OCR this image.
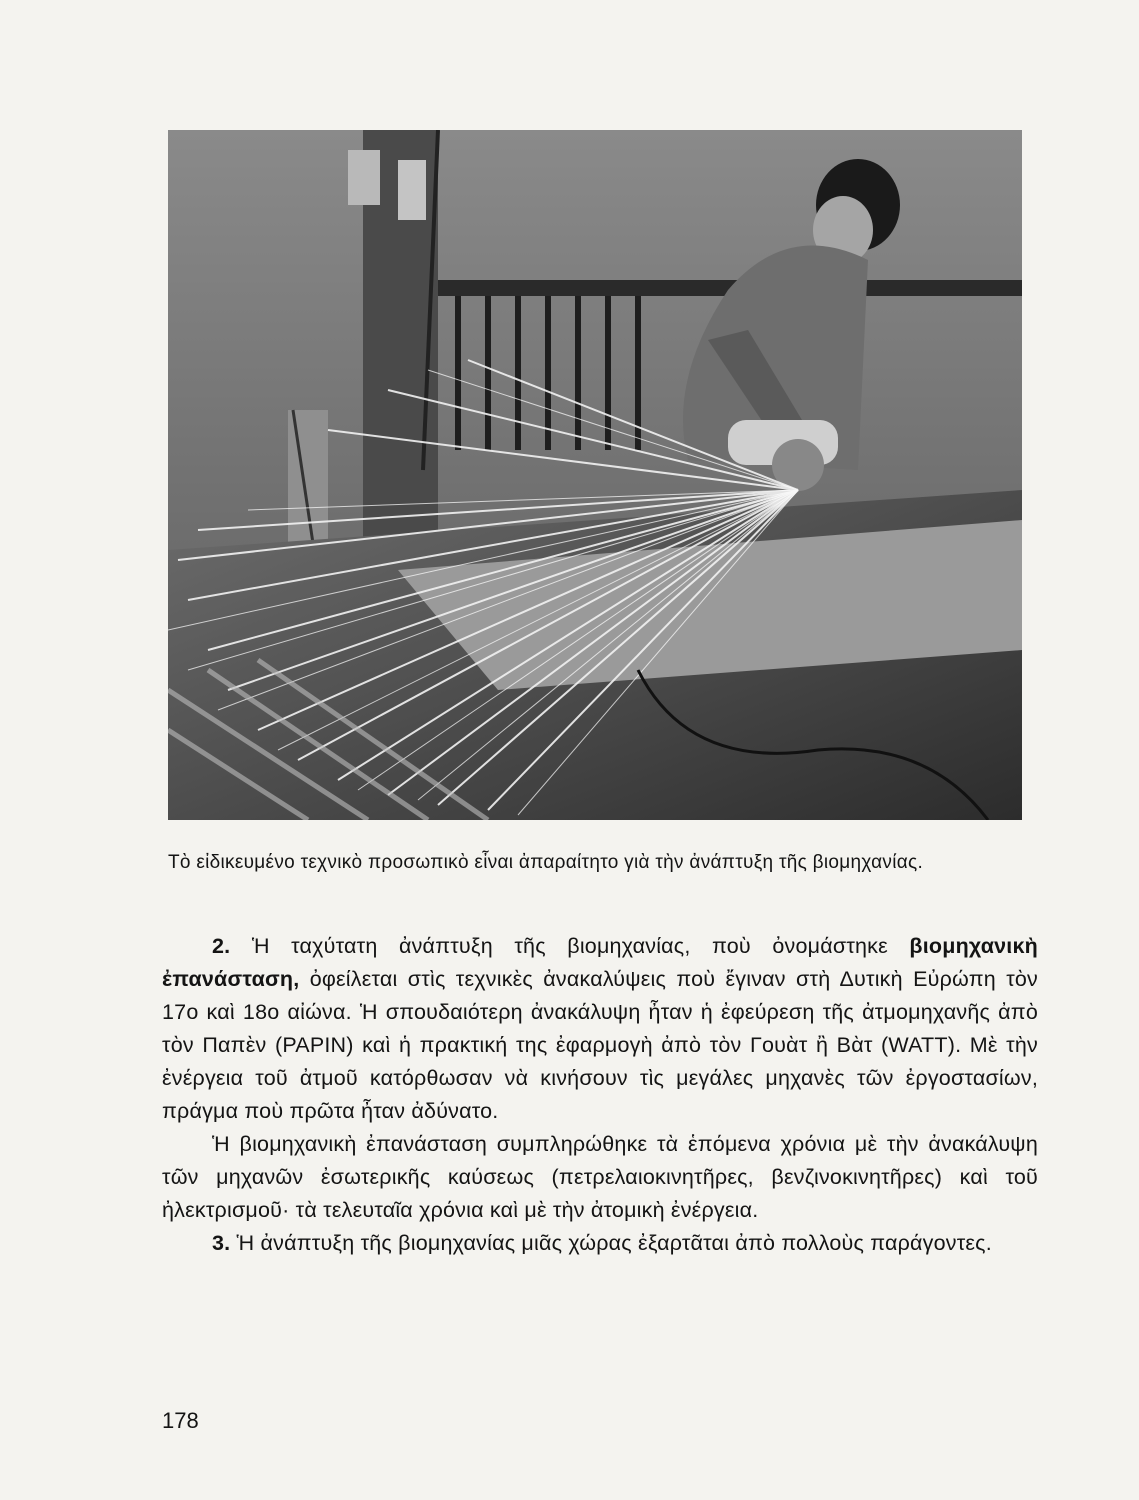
Τὸ εἰδικευμένο τεχνικὸ προσωπικὸ εἶναι ἀπαραίτητο γιὰ τὴν ἀνάπτυξη τῆς βιομηχανίας.

2. Ἡ ταχύτατη ἀνάπτυξη τῆς βιομηχανίας, ποὺ ὀνομάστηκε βιομηχανικὴ ἐπανάσταση, ὀφείλεται στὶς τεχνικὲς ἀνακαλύψεις ποὺ ἔγιναν στὴ Δυτικὴ Εὐρώπη τὸν 17ο καὶ 18ο αἰώνα. Ἡ σπουδαιότερη ἀνακάλυψη ἦταν ἡ ἐφεύρεση τῆς ἀτμομηχανῆς ἀπὸ τὸν Παπὲν (PAPIN) καὶ ἡ πρακτική της ἐφαρμογὴ ἀπὸ τὸν Γουὰτ ἢ Βὰτ (WATT). Μὲ τὴν ἐνέργεια τοῦ ἀτμοῦ κατόρθωσαν νὰ κινήσουν τὶς μεγάλες μηχανὲς τῶν ἐργοστασίων, πράγμα ποὺ πρῶτα ἦταν ἀδύνατο.

Ἡ βιομηχανικὴ ἐπανάσταση συμπληρώθηκε τὰ ἑπόμενα χρόνια μὲ τὴν ἀνακάλυψη τῶν μηχανῶν ἐσωτερικῆς καύσεως (πετρελαιοκινητῆρες, βενζινοκινητῆρες) καὶ τοῦ ἠλεκτρισμοῦ· τὰ τελευταῖα χρόνια καὶ μὲ τὴν ἀτομικὴ ἐνέργεια.

3. Ἡ ἀνάπτυξη τῆς βιομηχανίας μιᾶς χώρας ἐξαρτᾶται ἀπὸ πολλοὺς παράγοντες.

178
